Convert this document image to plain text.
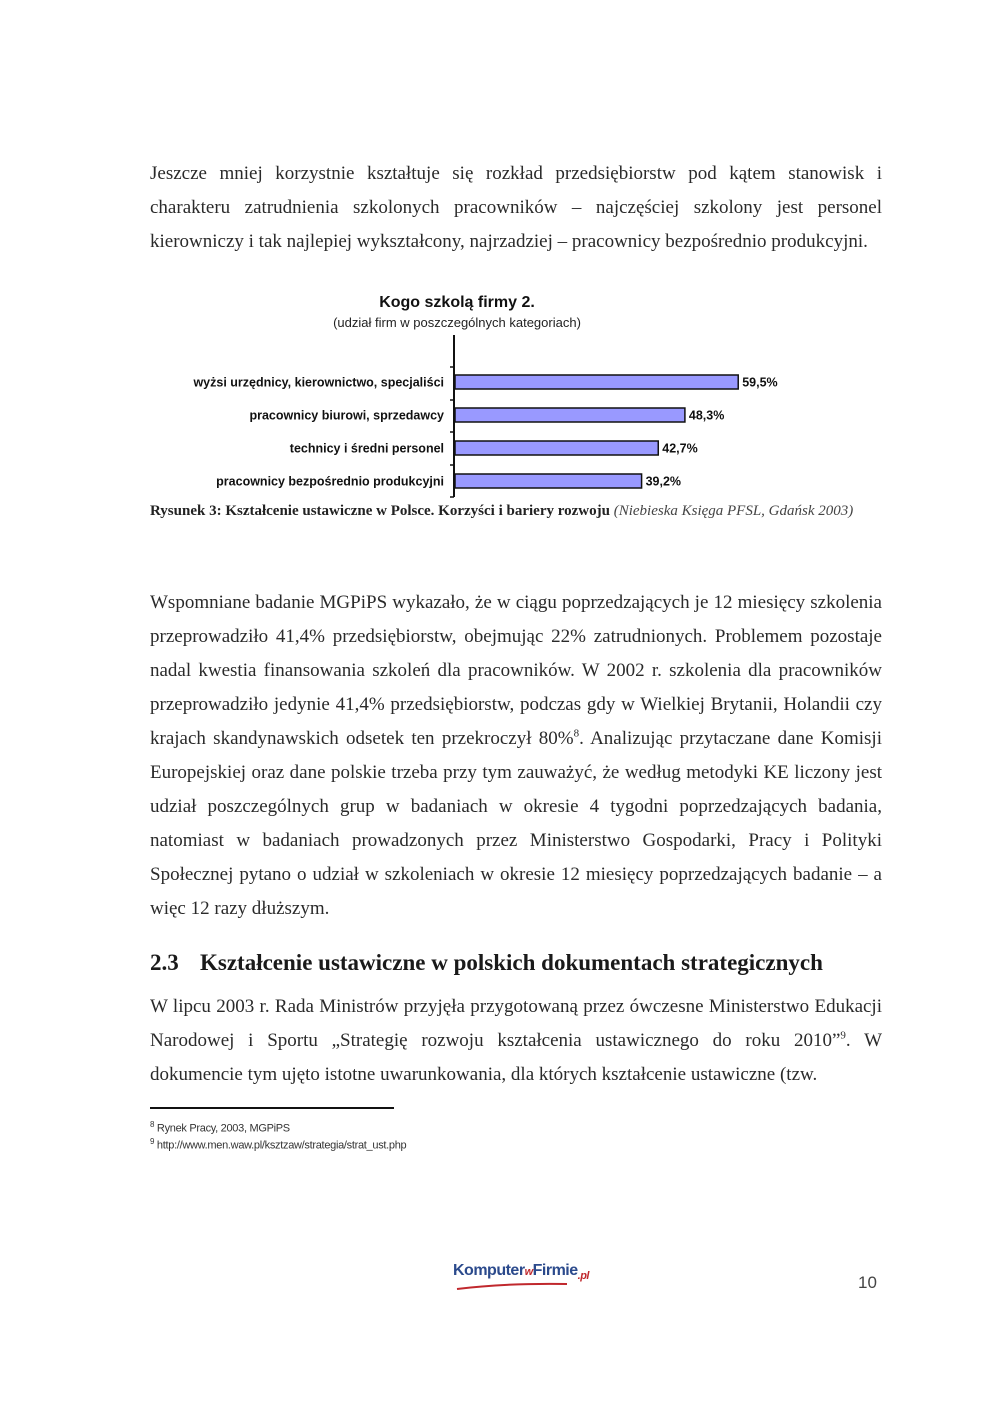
Jeszcze mniej korzystnie kształtuje się rozkład przedsiębiorstw pod kątem stanowisk i charakteru zatrudnienia szkolonych pracowników – najczęściej szkolony jest personel kierowniczy i tak najlepiej wykształcony, najrzadziej – pracownicy bezpośrednio produkcyjni.

Kogo szkolą firmy 2.
(udział firm w poszczególnych kategoriach)
wyżsi urzędnicy, kierownictwo, specjaliści	59,5%
pracownicy biurowi, sprzedawcy	48,3%
technicy i średni personel	42,7%
pracownicy bezpośrednio produkcyjni	39,2%

Rysunek 3: Kształcenie ustawiczne w Polsce. Korzyści i bariery rozwoju (Niebieska Księga PFSL, Gdańsk 2003)

Wspomniane badanie MGPiPS wykazało, że w ciągu poprzedzających je 12 miesięcy szkolenia przeprowadziło 41,4% przedsiębiorstw, obejmując 22% zatrudnionych. Problemem pozostaje nadal kwestia finansowania szkoleń dla pracowników. W 2002 r. szkolenia dla pracowników przeprowadziło jedynie 41,4% przedsiębiorstw, podczas gdy w Wielkiej Brytanii, Holandii czy krajach skandynawskich odsetek ten przekroczył 80%$^8$. Analizując przytaczane dane Komisji Europejskiej oraz dane polskie trzeba przy tym zauważyć, że według metodyki KE liczony jest udział poszczególnych grup w badaniach w okresie 4 tygodni poprzedzających badania, natomiast w badaniach prowadzonych przez Ministerstwo Gospodarki, Pracy i Polityki Społecznej pytano o udział w szkoleniach w okresie 12 miesięcy poprzedzających badanie – a więc 12 razy dłuższym.

2.3 Kształcenie ustawiczne w polskich dokumentach strategicznych

W lipcu 2003 r. Rada Ministrów przyjęła przygotowaną przez ówczesne Ministerstwo Edukacji Narodowej i Sportu „Strategię rozwoju kształcenia ustawicznego do roku 2010”$^9$. W dokumencie tym ujęto istotne uwarunkowania, dla których kształcenie ustawiczne (tzw.

$^8$ Rynek Pracy, 2003, MGPiPS
$^9$ http://www.men.waw.pl/ksztzaw/strategia/strat_ust.php
KomputerwFirmie$_{.pl}$	10
